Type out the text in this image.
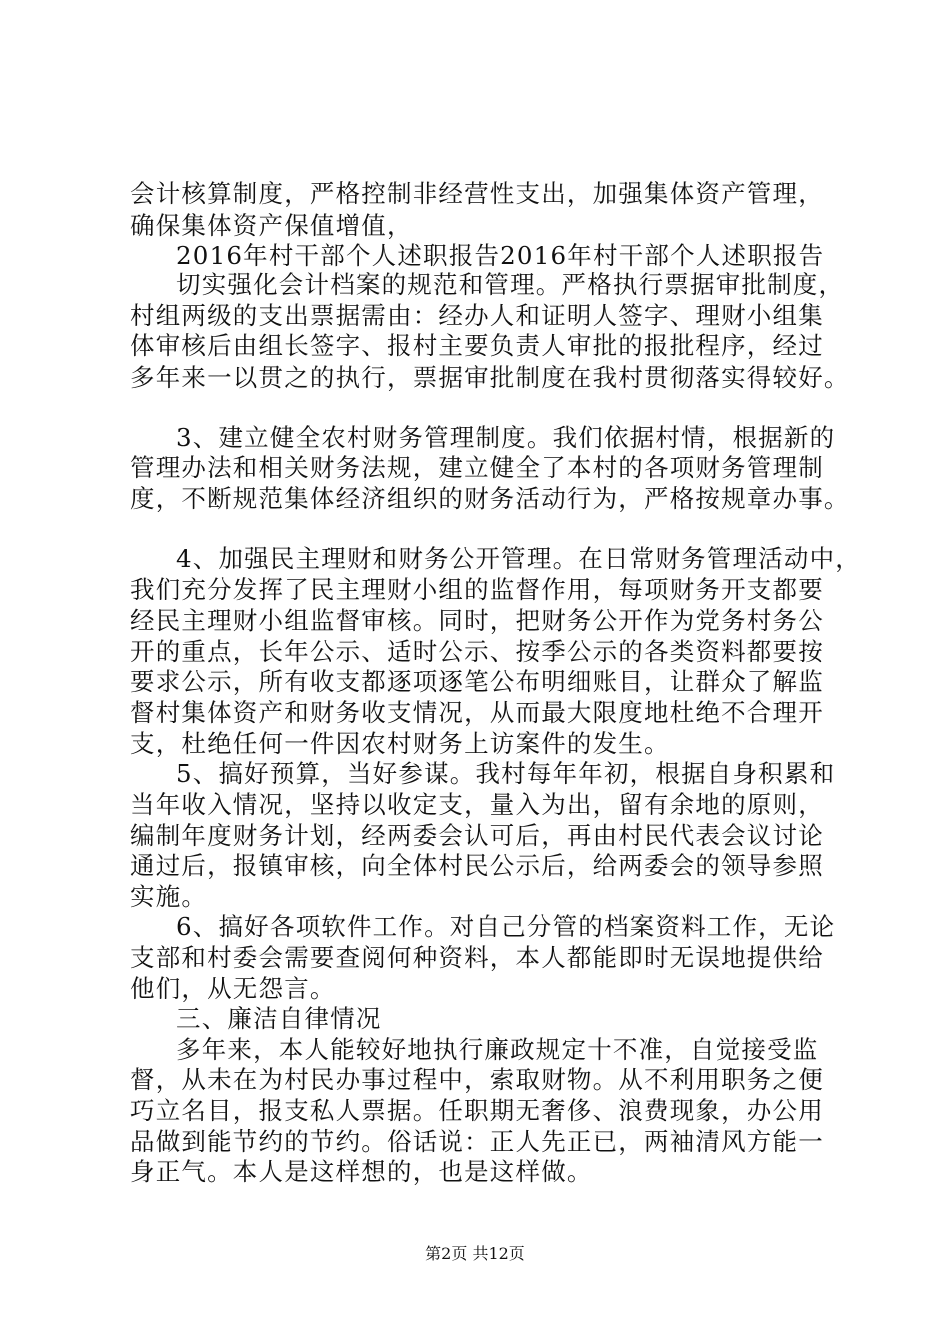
会计核算制度，严格控制非经营性支出，加强集体资产管理，
确保集体资产保值增值，
2016年村干部个人述职报告2016年村干部个人述职报告
切实强化会计档案的规范和管理。严格执行票据审批制度，
村组两级的支出票据需由：经办人和证明人签字、理财小组集
体审核后由组长签字、报村主要负责人审批的报批程序，经过
多年来一以贯之的执行，票据审批制度在我村贯彻落实得较好。
3、建立健全农村财务管理制度。我们依据村情，根据新的
管理办法和相关财务法规，建立健全了本村的各项财务管理制
度，不断规范集体经济组织的财务活动行为，严格按规章办事。
4、加强民主理财和财务公开管理。在日常财务管理活动中，
我们充分发挥了民主理财小组的监督作用，每项财务开支都要
经民主理财小组监督审核。同时，把财务公开作为党务村务公
开的重点，长年公示、适时公示、按季公示的各类资料都要按
要求公示，所有收支都逐项逐笔公布明细账目，让群众了解监
督村集体资产和财务收支情况，从而最大限度地杜绝不合理开
支，杜绝任何一件因农村财务上访案件的发生。
5、搞好预算，当好参谋。我村每年年初，根据自身积累和
当年收入情况，坚持以收定支，量入为出，留有余地的原则，
编制年度财务计划，经两委会认可后，再由村民代表会议讨论
通过后，报镇审核，向全体村民公示后，给两委会的领导参照
实施。
6、搞好各项软件工作。对自己分管的档案资料工作，无论
支部和村委会需要查阅何种资料，本人都能即时无误地提供给
他们，从无怨言。
三、廉洁自律情况
多年来，本人能较好地执行廉政规定十不准，自觉接受监
督，从未在为村民办事过程中，索取财物。从不利用职务之便
巧立名目，报支私人票据。任职期无奢侈、浪费现象，办公用
品做到能节约的节约。俗话说：正人先正已，两袖清风方能一
身正气。本人是这样想的，也是这样做。
第2页 共12页
